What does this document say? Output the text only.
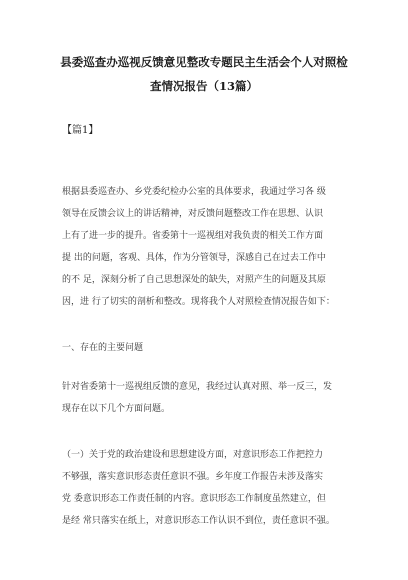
县委巡查办巡视反馈意见整改专题民主生活会个人对照检
查情况报告（13篇）
【篇1】
根据县委巡查办、乡党委纪检办公室的具体要求，我通过学习各 级
领导在反馈会议上的讲话精神，对反馈问题整改工作在思想、认识
上有了进一步的提升。省委第十一巡视组对我负责的相关工作方面
提 出的问题，客观、具体，作为分管领导，深感自己在过去工作中
的不 足，深刻分析了自己思想深处的缺失，对照产生的问题及其原
因，进 行了切实的剖析和整改。现将我个人对照检查情况报告如下：
一、存在的主要问题
针对省委第十一巡视组反馈的意见，我经过认真对照、举一反三，发
现存在以下几个方面问题。
（一）关于党的政治建设和思想建设方面，对意识形态工作把控力
不够强，落实意识形态责任意识不强。乡年度工作报告未涉及落实
党 委意识形态工作责任制的内容。意识形态工作制度虽然建立，但
是经 常只落实在纸上，对意识形态工作认识不到位，责任意识不强。
